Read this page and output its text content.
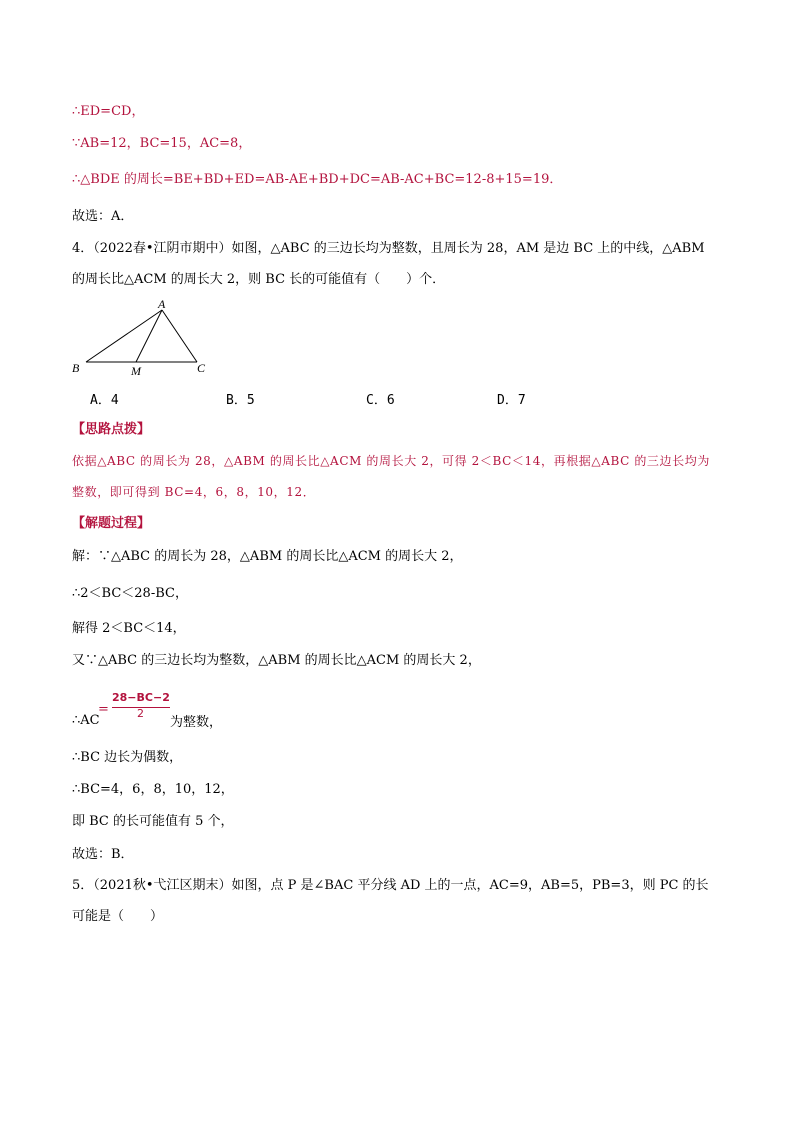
∴ED=CD，
∵AB=12，BC=15，AC=8，
∴△BDE 的周长=BE+BD+ED=AB-AE+BD+DC=AB-AC+BC=12-8+15=19．
故选：A．
4．（2022春•江阴市期中）如图，△ABC 的三边长均为整数，且周长为 28，AM 是边 BC 上的中线，△ABM
的周长比△ACM 的周长大 2，则 BC 长的可能值有（　　）个．
A
B	M	C
A．4	B．5	C．6	D．7
【思路点拨】
依据△ABC 的周长为 28，△ABM 的周长比△ACM 的周长大 2，可得 2＜BC＜14，再根据△ABC 的三边长均为
整数，即可得到 BC=4，6，8，10，12．
【解题过程】
解：∵△ABC 的周长为 28，△ABM 的周长比△ACM 的周长大 2，
∴2＜BC＜28-BC，
解得 2＜BC＜14，
又∵△ABC 的三边长均为整数，△ABM 的周长比△ACM 的周长大 2，
∴AC
=
28−BC−2
2
为整数，
∴BC 边长为偶数，
∴BC=4，6，8，10，12，
即 BC 的长可能值有 5 个，
故选：B．
5．（2021秋•弋江区期末）如图，点 P 是∠BAC 平分线 AD 上的一点，AC=9，AB=5，PB=3，则 PC 的长
可能是（　　）
